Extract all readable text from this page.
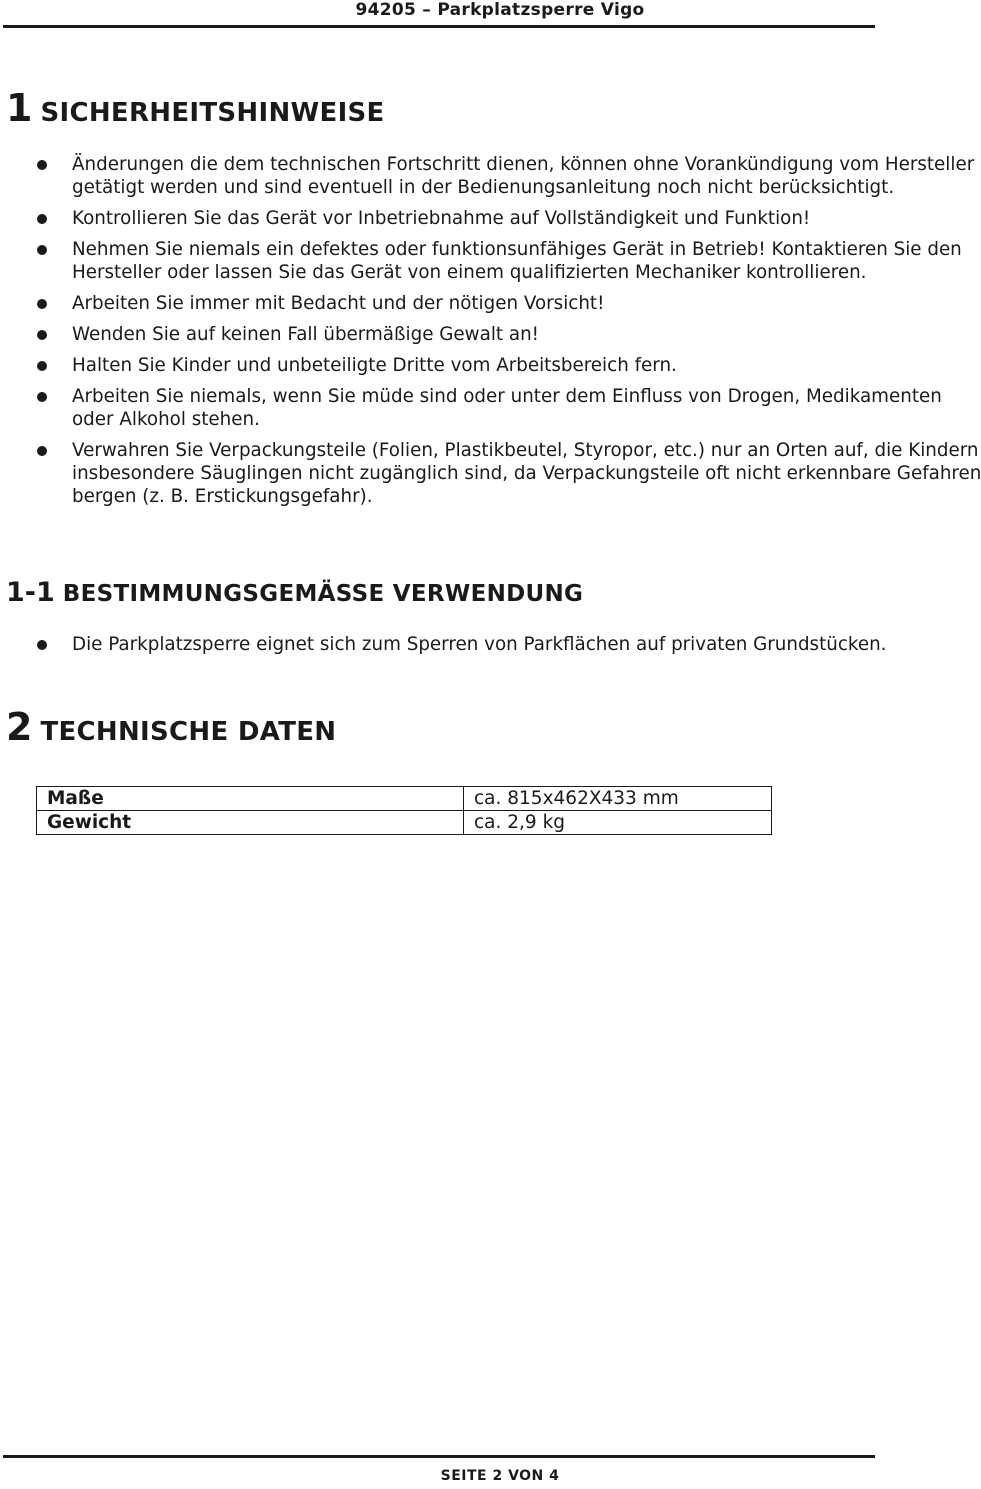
94205 – Parkplatzsperre Vigo
1 SICHERHEITSHINWEISE
Änderungen die dem technischen Fortschritt dienen, können ohne Vorankündigung vom Hersteller getätigt werden und sind eventuell in der Bedienungsanleitung noch nicht berücksichtigt.
Kontrollieren Sie das Gerät vor Inbetriebnahme auf Vollständigkeit und Funktion!
Nehmen Sie niemals ein defektes oder funktionsunfähiges Gerät in Betrieb! Kontaktieren Sie den Hersteller oder lassen Sie das Gerät von einem qualifizierten Mechaniker kontrollieren.
Arbeiten Sie immer mit Bedacht und der nötigen Vorsicht!
Wenden Sie auf keinen Fall übermäßige Gewalt an!
Halten Sie Kinder und unbeteiligte Dritte vom Arbeitsbereich fern.
Arbeiten Sie niemals, wenn Sie müde sind oder unter dem Einfluss von Drogen, Medikamenten oder Alkohol stehen.
Verwahren Sie Verpackungsteile (Folien, Plastikbeutel, Styropor, etc.) nur an Orten auf, die Kindern insbesondere Säuglingen nicht zugänglich sind, da Verpackungsteile oft nicht erkennbare Gefahren bergen (z. B. Erstickungsgefahr).
1-1 BESTIMMUNGSGEMÄSSE VERWENDUNG
Die Parkplatzsperre eignet sich zum Sperren von Parkflächen auf privaten Grundstücken.
2 TECHNISCHE DATEN
Maße	ca. 815x462X433 mm
Gewicht	ca. 2,9 kg
SEITE 2 VON 4
